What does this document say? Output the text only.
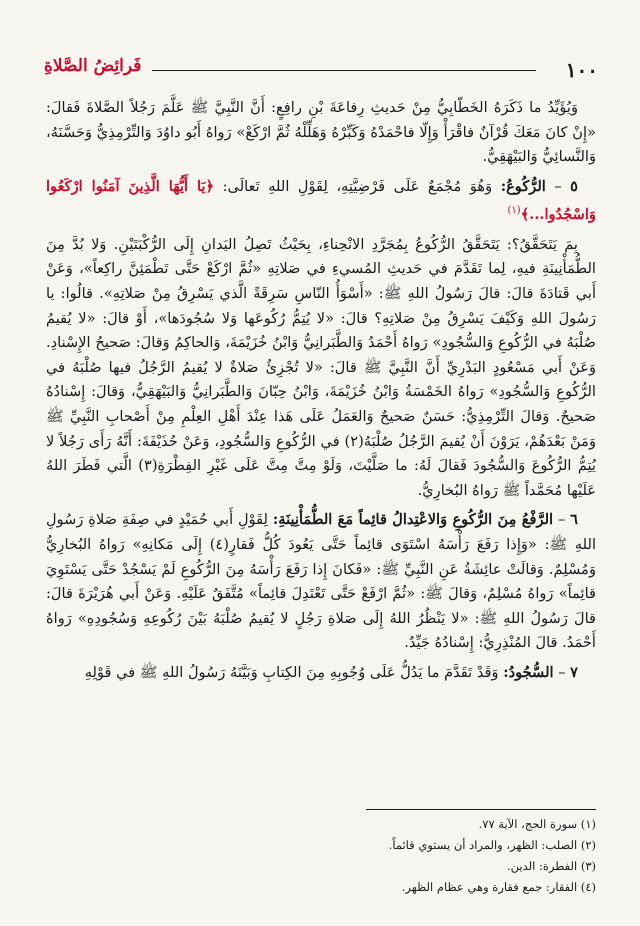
١٠٠
فَرائِضُ الصَّلاةِ

وَيُؤَيِّدُ ما ذَكَرَهُ الخَطّابِيُّ مِنْ حَديثِ رِفاعَةَ بْنِ رافِعٍ: أَنَّ النَّبِيَّ ﷺ عَلَّمَ رَجُلاً الصَّلاةَ فَقالَ: «إِنْ كانَ مَعَكَ قُرْآنٌ فاقْرَأْ وَإِلّا فاحْمَدْهُ وَكَبِّرْهُ وَهَلِّلْهُ ثُمَّ ارْكَعْ» رَواهُ أَبُو داوُدَ وَالتِّرْمِذِيُّ وَحَسَّنَهُ، وَالنَّسائِيُّ وَالبَيْهَقِيُّ.

٥ – الرُّكُوعُ: وَهُوَ مُجْمَعٌ عَلَى فَرْضِيَّتِهِ، لِقَوْلِ اللهِ تَعالَى: ﴿يَا أَيُّهَا الَّذِينَ آمَنُوا ارْكَعُوا وَاسْجُدُوا...﴾$^{(١)}$

بِمَ يَتَحَقَّقُ؟: يَتَحَقَّقُ الرُّكُوعُ بِمُجَرَّدِ الانْحِناءِ، بِحَيْثُ تَصِلُ اليَدانِ إِلَى الرُّكْبَتَيْنِ. وَلا بُدَّ مِنَ الطُّمَأْنِينَةِ فيهِ، لِما تَقَدَّمَ في حَديثِ المُسيءِ في صَلاتِهِ «ثُمَّ ارْكَعْ حَتَّى تَطْمَئِنَّ راكِعاً»، وَعَنْ أَبي قَتادَةَ قالَ: قالَ رَسُولُ اللهِ ﷺ: «أَسْوَأُ النّاسِ سَرِقَةً الَّذي يَسْرِقُ مِنْ صَلاتِهِ». قالُوا: يا رَسُولَ اللهِ وَكَيْفَ يَسْرِقُ مِنْ صَلاتِهِ؟ قالَ: «لا يُتِمُّ رُكُوعَها وَلا سُجُودَها»، أَوْ قالَ: «لا يُقيمُ صُلْبَهُ في الرُّكُوعِ وَالسُّجُودِ» رَواهُ أَحْمَدُ وَالطَّبَرانِيُّ وَابْنُ خُزَيْمَةَ، وَالحاكِمُ وَقالَ: صَحيحُ الإِسْنادِ. وَعَنْ أَبي مَسْعُودٍ البَدْرِيِّ أَنَّ النَّبِيَّ ﷺ قالَ: «لا تُجْزِئُ صَلاةٌ لا يُقيمُ الرَّجُلُ فيها صُلْبَهُ في الرُّكُوعِ وَالسُّجُودِ» رَواهُ الخَمْسَةُ وَابْنُ خُزَيْمَةَ، وَابْنُ حِبّانَ وَالطَّبَرانِيُّ وَالبَيْهَقِيُّ، وَقالَ: إِسْنادُهُ صَحيحٌ. وَقالَ التِّرْمِذِيُّ: حَسَنٌ صَحيحٌ وَالعَمَلُ عَلَى هَذا عِنْدَ أَهْلِ العِلْمِ مِنْ أَصْحابِ النَّبِيِّ ﷺ وَمَنْ بَعْدَهُمْ، يَرَوْنَ أَنْ يُقيمَ الرَّجُلُ صُلْبَهُ(٢) في الرُّكُوعِ وَالسُّجُودِ، وَعَنْ حُذَيْفَةَ: أَنَّهُ رَأَى رَجُلاً لا يُتِمُّ الرُّكُوعَ وَالسُّجُودَ فَقالَ لَهُ: ما صَلَّيْتَ، وَلَوْ مِتَّ مِتَّ عَلَى غَيْرِ الفِطْرَةِ(٣) الَّتي فَطَرَ اللهُ عَلَيْها مُحَمَّداً ﷺ رَواهُ البُخارِيُّ.

٦ – الرَّفْعُ مِنَ الرُّكُوعِ وَالاعْتِدالُ قائِماً مَعَ الطُّمَأْنِينَةِ: لِقَوْلِ أَبي حُمَيْدٍ في صِفَةِ صَلاةِ رَسُولِ اللهِ ﷺ: «وَإِذا رَفَعَ رَأْسَهُ اسْتَوَى قائِماً حَتَّى يَعُودَ كُلُّ فَقارٍ(٤) إِلَى مَكانِهِ» رَواهُ البُخارِيُّ وَمُسْلِمٌ. وَقالَتْ عائِشَةُ عَنِ النَّبِيِّ ﷺ: «فَكانَ إِذا رَفَعَ رَأْسَهُ مِنَ الرُّكُوعِ لَمْ يَسْجُدْ حَتَّى يَسْتَوِيَ قائِماً» رَواهُ مُسْلِمٌ، وَقالَ ﷺ: «ثُمَّ ارْفَعْ حَتَّى تَعْتَدِلَ قائِماً» مُتَّفَقٌ عَلَيْهِ. وَعَنْ أَبي هُرَيْرَةَ قالَ: قالَ رَسُولُ اللهِ ﷺ: «لا يَنْظُرُ اللهُ إِلَى صَلاةِ رَجُلٍ لا يُقيمُ صُلْبَهُ بَيْنَ رُكُوعِهِ وَسُجُودِهِ» رَواهُ أَحْمَدُ. قالَ المُنْذِرِيُّ: إِسْنادُهُ جَيِّدٌ.

٧ – السُّجُودُ: وَقَدْ تَقَدَّمَ ما يَدُلُّ عَلَى وُجُوبِهِ مِنَ الكِتابِ وَبَيَّنَهُ رَسُولُ اللهِ ﷺ في قَوْلِهِ

(١) سورة الحج، الآية ٧٧.
(٢) الصلب: الظهر، والمراد أن يستوي قائماً.
(٣) الفطرة: الدين.
(٤) الفقار: جمع فقارة وهي عظام الظهر.
